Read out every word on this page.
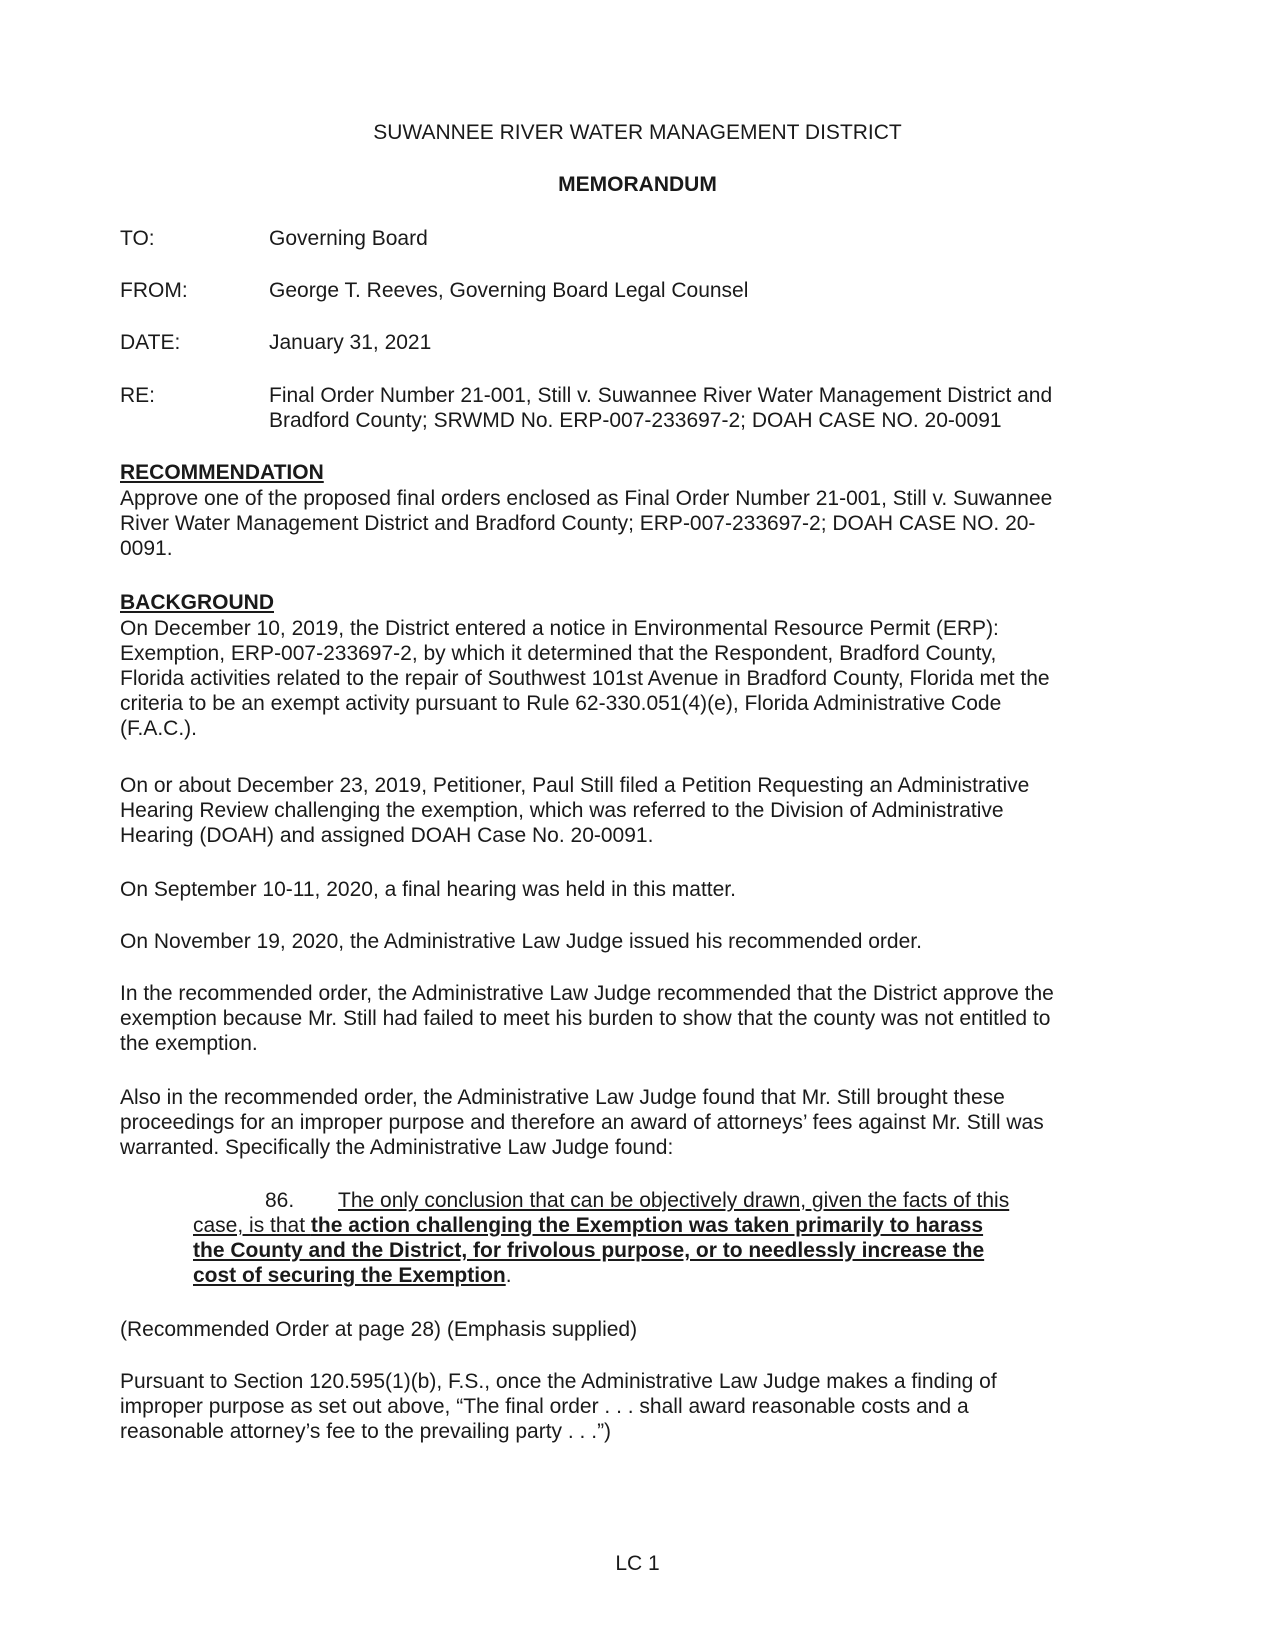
SUWANNEE RIVER WATER MANAGEMENT DISTRICT
MEMORANDUM
TO:	Governing Board
FROM:	George T. Reeves, Governing Board Legal Counsel
DATE:	January 31, 2021
RE:	Final Order Number 21-001, Still v. Suwannee River Water Management District and
Bradford County; SRWMD No. ERP-007-233697-2; DOAH CASE NO. 20-0091
RECOMMENDATION

Approve one of the proposed final orders enclosed as Final Order Number 21-001, Still v. Suwannee
River Water Management District and Bradford County; ERP-007-233697-2; DOAH CASE NO. 20-
0091.

BACKGROUND

On December 10, 2019, the District entered a notice in Environmental Resource Permit (ERP):
Exemption, ERP-007-233697-2, by which it determined that the Respondent, Bradford County,
Florida activities related to the repair of Southwest 101st Avenue in Bradford County, Florida met the
criteria to be an exempt activity pursuant to Rule 62-330.051(4)(e), Florida Administrative Code
(F.A.C.).

On or about December 23, 2019, Petitioner, Paul Still filed a Petition Requesting an Administrative
Hearing Review challenging the exemption, which was referred to the Division of Administrative
Hearing (DOAH) and assigned DOAH Case No. 20-0091.

On September 10-11, 2020, a final hearing was held in this matter.

On November 19, 2020, the Administrative Law Judge issued his recommended order.

In the recommended order, the Administrative Law Judge recommended that the District approve the
exemption because Mr. Still had failed to meet his burden to show that the county was not entitled to
the exemption.

Also in the recommended order, the Administrative Law Judge found that Mr. Still brought these
proceedings for an improper purpose and therefore an award of attorneys’ fees against Mr. Still was
warranted. Specifically the Administrative Law Judge found:

86. The only conclusion that can be objectively drawn, given the facts of this
case, is that the action challenging the Exemption was taken primarily to harass
the County and the District, for frivolous purpose, or to needlessly increase the
cost of securing the Exemption.

(Recommended Order at page 28) (Emphasis supplied)

Pursuant to Section 120.595(1)(b), F.S., once the Administrative Law Judge makes a finding of
improper purpose as set out above, “The final order . . . shall award reasonable costs and a
reasonable attorney’s fee to the prevailing party . . .”)

LC 1
